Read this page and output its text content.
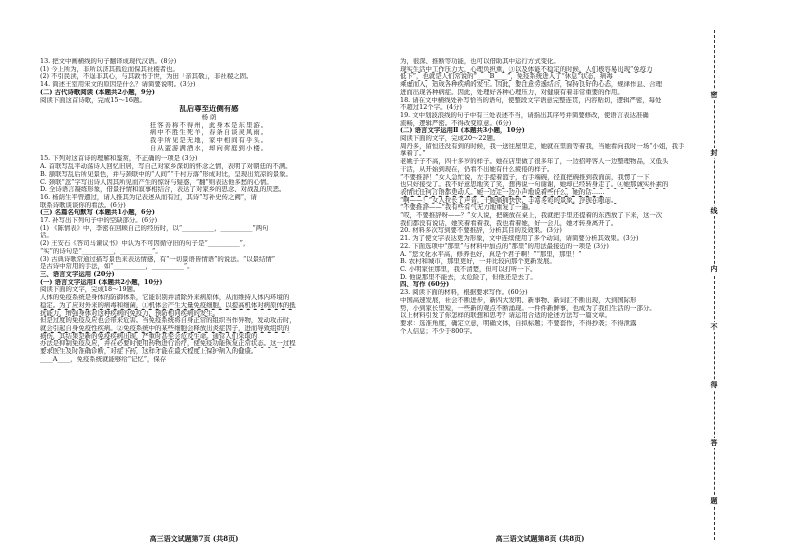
13. 把文中画横线的句子翻译成现代汉语。(8分)
(1) 今上所为，非所以济其孤危而保其社稷者也。
(2) 不引民渎，不逞非其心，与其敦书于世，为田「亲其敬」，非社稷之固。
14. 简述王室用宋文的原因是什么？请简要说明。(3分)
(二) 古代诗歌阅读 (本题共2小题，9分)
阅读下面这首诗歌，完成15～16题。
乱后尊至近侧有感
杨 荫
狂客善称不得州，此身本是东里游。
病中不胜生死羊，春条自谈灵风雨。
我乎所见是无地，家中相间有乎头。
自从蛮游满酒水，却向荷庭到小楼。
15. 下列对这首诗的理解和鉴赏，不正确的一项是 (3分)
A. 首联写乱平动荡诗人回忆旧居，写自己对家乡深切的怀念之情，表明了对朝廷的不满。
B. 颔联写乱后所见景色，并与颈联中的“人间”“千村万落”形成对比，呈现出荒凉的景象。
C. 颈联“忽”字写出诗人因其所见而产生的惊讶与疑惑，“翻”则表达他多愁的心情。
D. 全诗语言凝练形象，借景抒情和叙事相结合，表达了对家乡的思念、对战乱的厌恶。
16. 杨荫生平曾遭过，请人推其为记表述从而有过，其诗“写补史传之阙”，请
联系诗歌谈谈你的看法。(6分)
(三) 名篇名句默写 (本题共1小题，6分)
17. 补写出下列句子中的空缺部分。(6分)
(1) 《陈情表》中，李密在回顾自己的经历时，以“__________，__________”两句
话。
(2) 王安石《答司马谏议书》中认为不可因循守旧的句子是“__________”，
“实”的诗句是“__________，__________”。
(3) 古典诗歌常通过描写景色来表达情感，有“一切景语皆情语”的说法。“以景结情”
是古诗中常用的手法，如“__________，__________”。
三、语言文字运用 (20分)
(一) 语言文字运用Ⅰ (本题共2小题，10分)
阅读下面的文字，完成18～19题。
人体的免疫系统是身体的防御体系，它能识别并清除外来病原体，从而维持人体内环境的
稳定。为了应对外来的病毒和细菌，①机体会产生大量免疫细胞，以提高机体对病原体的抵
抗能力，增强身体对这种疾病的免疫力，预防相同疾病的发生。
但是过度的免疫反应也会带来危害。当免疫系统将自身正常的组织当作异物，发动攻击时，
就会引起自身免疫性疾病。②免疫系统中的某些细胞会释放出炎症因子，进而导致组织的
损伤，其结果是新的免疫疾病出现，严重时甚至会危及生命。通常人们采取的
办法是抑制免疫反应，并在必要时使用药物进行治疗，使免疫功能恢复正常状态。这一过程
要求医生及时准确诊断，对症下药，这样才能在最大程度上保护病人的健康。
____A____，免疫系统就能够给“记忆”，保存
高三语文试题第7页 (共8页)
为，很深、推断等功能，也可以借助其中运行方式变化。
现实生活中工作压力大，心理负担重，③以及体能不稳定的时候，人们极容易出现“免疫力
低下”，也就是人们常说的“____B____”，免疫系统进入了“休息”状态，病毒
乘虚而入，造成各种疾病的发生。因此，要注意劳逸结合，保持良好的心态，规律作息、合理
进而出现各种病症。因此，处理好各种心理压力，对健康有着非常重要的作用。
18. 请在文中横线处补写恰当的语句，使整段文字语意完整连贯，内容贴切，逻辑严密，每处
不超过12个字。(4分)
19. 文中划波浪线的句子中有三处表述不当，请指出其序号并简要修改，使语言表达准确
流畅，逻辑严密。不得改变原意。(6分)
(二) 语言文字运用Ⅱ (本题共3小题，10分)
阅读下面的文字，完成20～22题。
周丹多，留恒还没有到的时候，我一送往屋里走，她就在里面等着我，当她看向我时一场“小姐，我手
拿着了。”
老姚子子不高，四十多岁的样子。她在店里做了很多年了，一边招呼客人一边整理物品，又低头
干活，从开始到现在，仍看不出她有什么疲倦的样子。
“不要推辞！”女人急忙说，左手提着篮子，右手端碗，径直把碗推到我面前，我愣了一下
也只好接受了。我不好意思地笑了笑，想再说一句谢谢，她却已经转身走了。④她那诚实朴素的
表情比任何言语都更动人。她一边走一边小声地说着些什么，她的话……
“啊——！”女人拉长了声音，干脆痛痛快快，丰富多彩的景象，浮现在眼前。
“不要推辞——”我有些有气无力地重复了一遍。
“哎，不要推辞呀——？”女人说，把碗放在桌上，我就把手里还提着的东西放了下来，这一次
我们都没有说话，她笑着看着我，我也看着她，好一会儿，她才转身离开了。
20. 材料多次写到要不要推辞，分析其目的及效果。(3分)
21. 为了使文字表达更为形象，文中连续使用了多个动词，请简要分析其效果。(3分)
22. 下面选项中“那里”与材料中加点的“那里”的用法最接近的一项是 (3分)
A. “您文化水平高，修养也好，真是个君子啊！”“那里，那里！”
B. 农村和城市，那里更好，一并比较向那个更新发展。
C. 小明家住那里，我不清楚，但可以打听一下。
D. 他说那里不能去，太危险了，但他还是去了。
四、写作 (60分)
23. 阅读下面的材料，根据要求写作。(60分)
中国高速发展，社会不断进步，新四大发明、新事物、新词汇不断出现，大到国际形
势，小到家长里短，一些新的观点不断涌现。一件件新鲜事，也成为了我们生活的一部分。
以上材料引发了你怎样的联想和思考？请运用合适的论述方法写一篇文章。
要求：选准角度，确定立意，明确文体，自拟标题；不要套作，不得抄袭；不得泄露
个人信息；不少于800字。
高三语文试题第8页 (共8页)
密
封
线
内
不
得
答
题
